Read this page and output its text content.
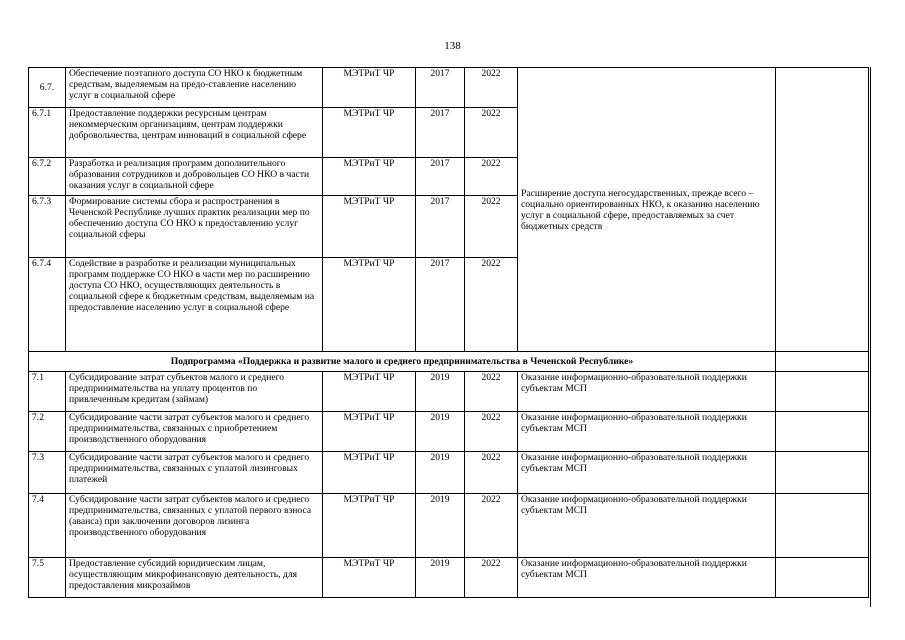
138
6.7.	Обеспечение поэтапного доступа СО НКО к бюджетным средствам, выделяемым на предо-ставление населению услуг в социальной сфере	МЭТРиТ ЧР	2017	2022	Расширение доступа негосударственных, прежде всего – социально ориентированных НКО, к оказанию населению услуг в социальной сфере, предоставляемых за счет бюджетных средств	
6.7.1	Предоставление поддержки ресурсным центрам некоммерческим организациям, центрам поддержки добровольчества, центрам инноваций в социальной сфере	МЭТРиТ ЧР	2017	2022		
6.7.2	Разработка и реализация программ дополнительного образования сотрудников и добровольцев СО НКО в части оказания услуг в социальной сфере	МЭТРиТ ЧР	2017	2022		
6.7.3	Формирование системы сбора и распространения в Чеченской Республике лучших практик реализации мер по обеспечению доступа СО НКО к предоставлению услуг социальной сферы	МЭТРиТ ЧР	2017	2022		
6.7.4	Содействие в разработке и реализации муниципальных программ поддержке СО НКО в части мер по расширению доступа СО НКО, осуществляющих деятельность в социальной сфере к бюджетным средствам, выделяемым на предоставление населению услуг в социальной сфере	МЭТРиТ ЧР	2017	2022		
Подпрограмма «Поддержка и развитие малого и среднего предпринимательства в Чеченской Республике»						
7.1	Субсидирование затрат субъектов малого и среднего предпринимательства на уплату процентов по привлеченным кредитам (займам)	МЭТРиТ ЧР	2019	2022	Оказание информационно-образовательной поддержки субъектам МСП	
7.2	Субсидирование части затрат субъектов малого и среднего предпринимательства, связанных с приобретением производственного оборудования	МЭТРиТ ЧР	2019	2022	Оказание информационно-образовательной поддержки субъектам МСП	
7.3	Субсидирование части затрат субъектов малого и среднего предпринимательства, связанных с уплатой лизинговых платежей	МЭТРиТ ЧР	2019	2022	Оказание информационно-образовательной поддержки субъектам МСП	
7.4	Субсидирование части затрат субъектов малого и среднего предпринимательства, связанных с уплатой первого взноса (аванса) при заключении договоров лизинга производственного оборудования	МЭТРиТ ЧР	2019	2022	Оказание информационно-образовательной поддержки субъектам МСП	
7.5	Предоставление субсидий юридическим лицам, осуществляющим микрофинансовую деятельность, для предоставления микрозаймов	МЭТРиТ ЧР	2019	2022	Оказание информационно-образовательной поддержки субъектам МСП	
